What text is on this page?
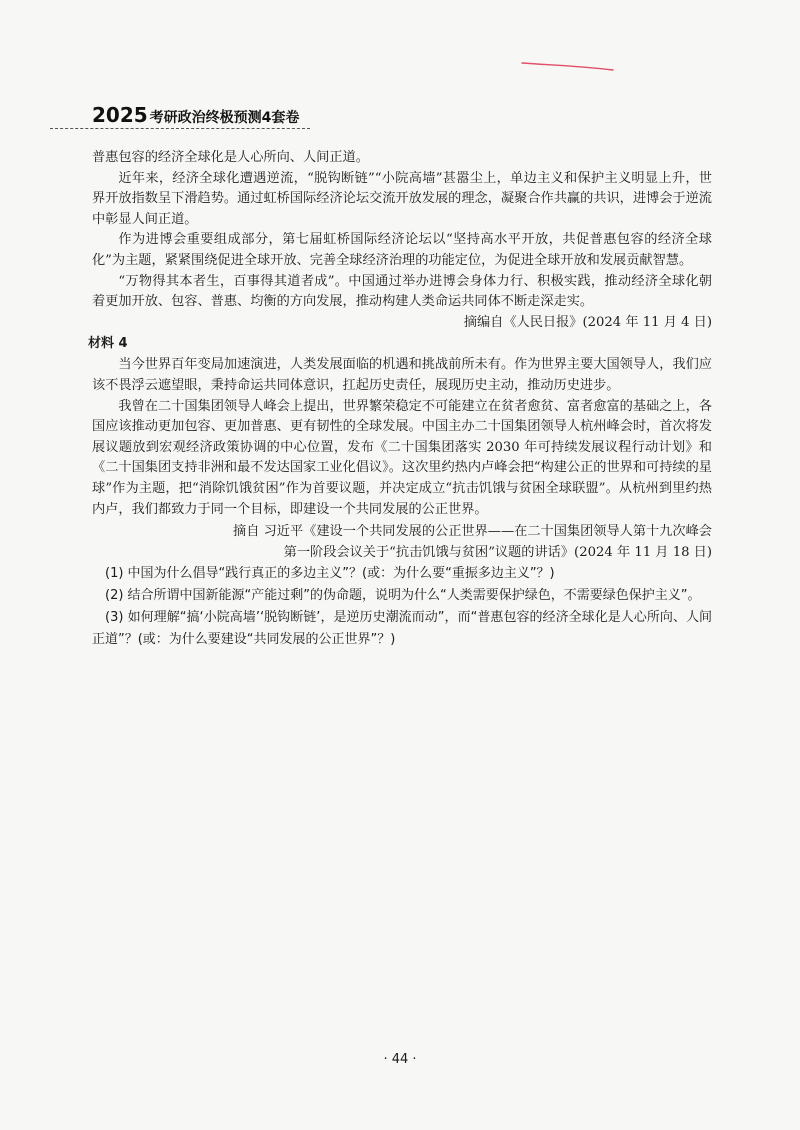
2025 考研政治终极预测4套卷

普惠包容的经济全球化是人心所向、人间正道。

近年来，经济全球化遭遇逆流，“脱钩断链”“小院高墙”甚嚣尘上，单边主义和保护主义明显上升，世界开放指数呈下滑趋势。通过虹桥国际经济论坛交流开放发展的理念，凝聚合作共赢的共识，进博会于逆流中彰显人间正道。

作为进博会重要组成部分，第七届虹桥国际经济论坛以“坚持高水平开放，共促普惠包容的经济全球化”为主题，紧紧围绕促进全球开放、完善全球经济治理的功能定位，为促进全球开放和发展贡献智慧。

“万物得其本者生，百事得其道者成”。中国通过举办进博会身体力行、积极实践，推动经济全球化朝着更加开放、包容、普惠、均衡的方向发展，推动构建人类命运共同体不断走深走实。

摘编自《人民日报》(2024 年 11 月 4 日)

材料 4

当今世界百年变局加速演进，人类发展面临的机遇和挑战前所未有。作为世界主要大国领导人，我们应该不畏浮云遮望眼，秉持命运共同体意识，扛起历史责任，展现历史主动，推动历史进步。

我曾在二十国集团领导人峰会上提出，世界繁荣稳定不可能建立在贫者愈贫、富者愈富的基础之上，各国应该推动更加包容、更加普惠、更有韧性的全球发展。中国主办二十国集团领导人杭州峰会时，首次将发展议题放到宏观经济政策协调的中心位置，发布《二十国集团落实 2030 年可持续发展议程行动计划》和《二十国集团支持非洲和最不发达国家工业化倡议》。这次里约热内卢峰会把“构建公正的世界和可持续的星球”作为主题，把“消除饥饿贫困”作为首要议题，并决定成立“抗击饥饿与贫困全球联盟”。从杭州到里约热内卢，我们都致力于同一个目标，即建设一个共同发展的公正世界。

摘自 习近平《建设一个共同发展的公正世界——在二十国集团领导人第十九次峰会

第一阶段会议关于“抗击饥饿与贫困”议题的讲话》(2024 年 11 月 18 日)

(1) 中国为什么倡导“践行真正的多边主义”？(或：为什么要“重振多边主义”？)

(2) 结合所谓中国新能源“产能过剩”的伪命题，说明为什么“人类需要保护绿色，不需要绿色保护主义”。

(3) 如何理解“搞‘小院高墙’‘脱钩断链’，是逆历史潮流而动”，而“普惠包容的经济全球化是人心所向、人间正道”？(或：为什么要建设“共同发展的公正世界”？)

· 44 ·
